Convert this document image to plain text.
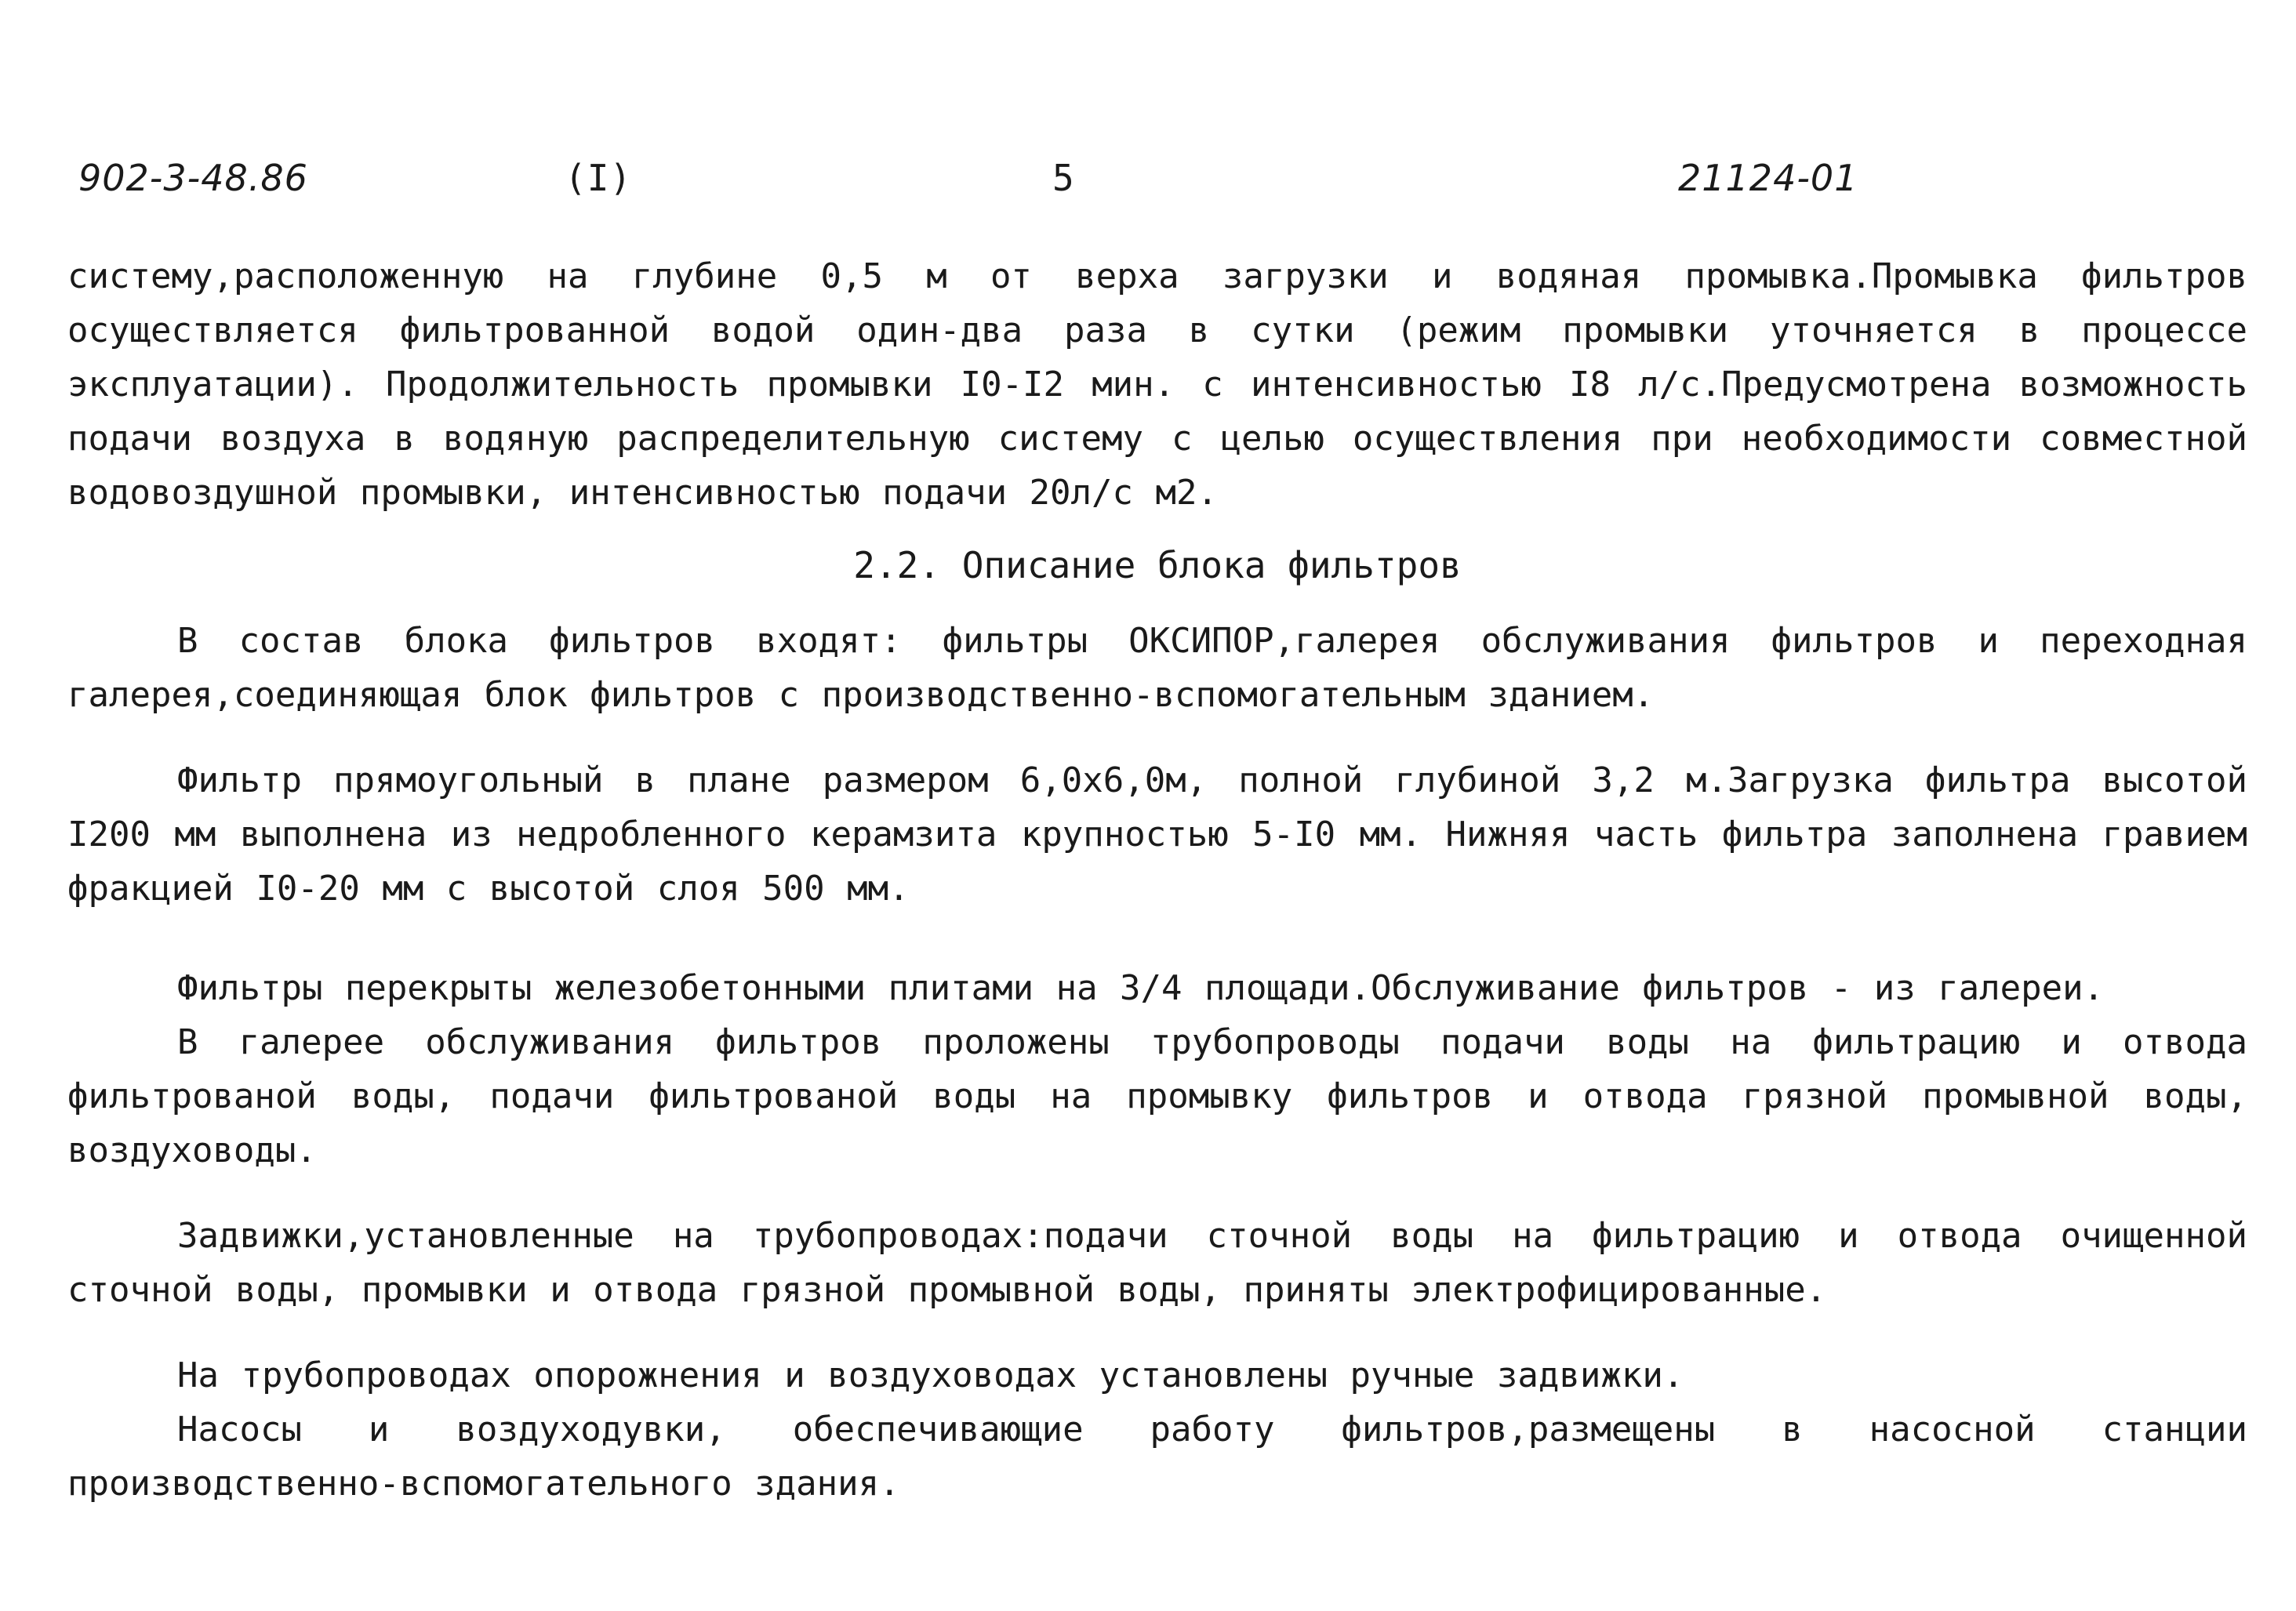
902-3-48.86	(I)	5	21124-01

систему,расположенную на глубине 0,5 м от верха загрузки и водяная промывка.Промывка фильтров осуществляется фильтрованной водой один-два раза в сутки (режим промывки уточняется в процессе эксплуатации). Продолжительность промывки I0-I2 мин. с интенсивностью I8 л/с.Предусмотрена возможность подачи воздуха в водяную распределительную систему с целью осуществления при необходимости совместной водовоздушной промывки, интенсивностью подачи 20л/с м2.

2.2. Описание блока фильтров

В состав блока фильтров входят: фильтры ОКСИПОР,галерея обслуживания фильтров и переходная галерея,соединяющая блок фильтров с производственно-вспомогательным зданием.

Фильтр прямоугольный в плане размером 6,0х6,0м, полной глубиной 3,2 м.Загрузка фильтра высотой I200 мм выполнена из недробленного керамзита крупностью 5-I0 мм. Нижняя часть фильтра заполнена гравием фракцией I0-20 мм с высотой слоя 500 мм.

Фильтры перекрыты железобетонными плитами на 3/4 площади.Обслуживание фильтров - из галереи.

В галерее обслуживания фильтров проложены трубопроводы подачи воды на фильтрацию и отвода фильтрованой воды, подачи фильтрованой воды на промывку фильтров и отвода грязной промывной воды, воздуховоды.

Задвижки,установленные на трубопроводах:подачи сточной воды на фильтрацию и отвода очищенной сточной воды, промывки и отвода грязной промывной воды, приняты электрофицированные.

На трубопроводах опорожнения и воздуховодах установлены ручные задвижки.

Насосы и воздуходувки, обеспечивающие работу фильтров,размещены в насосной станции производственно-вспомогательного здания.
